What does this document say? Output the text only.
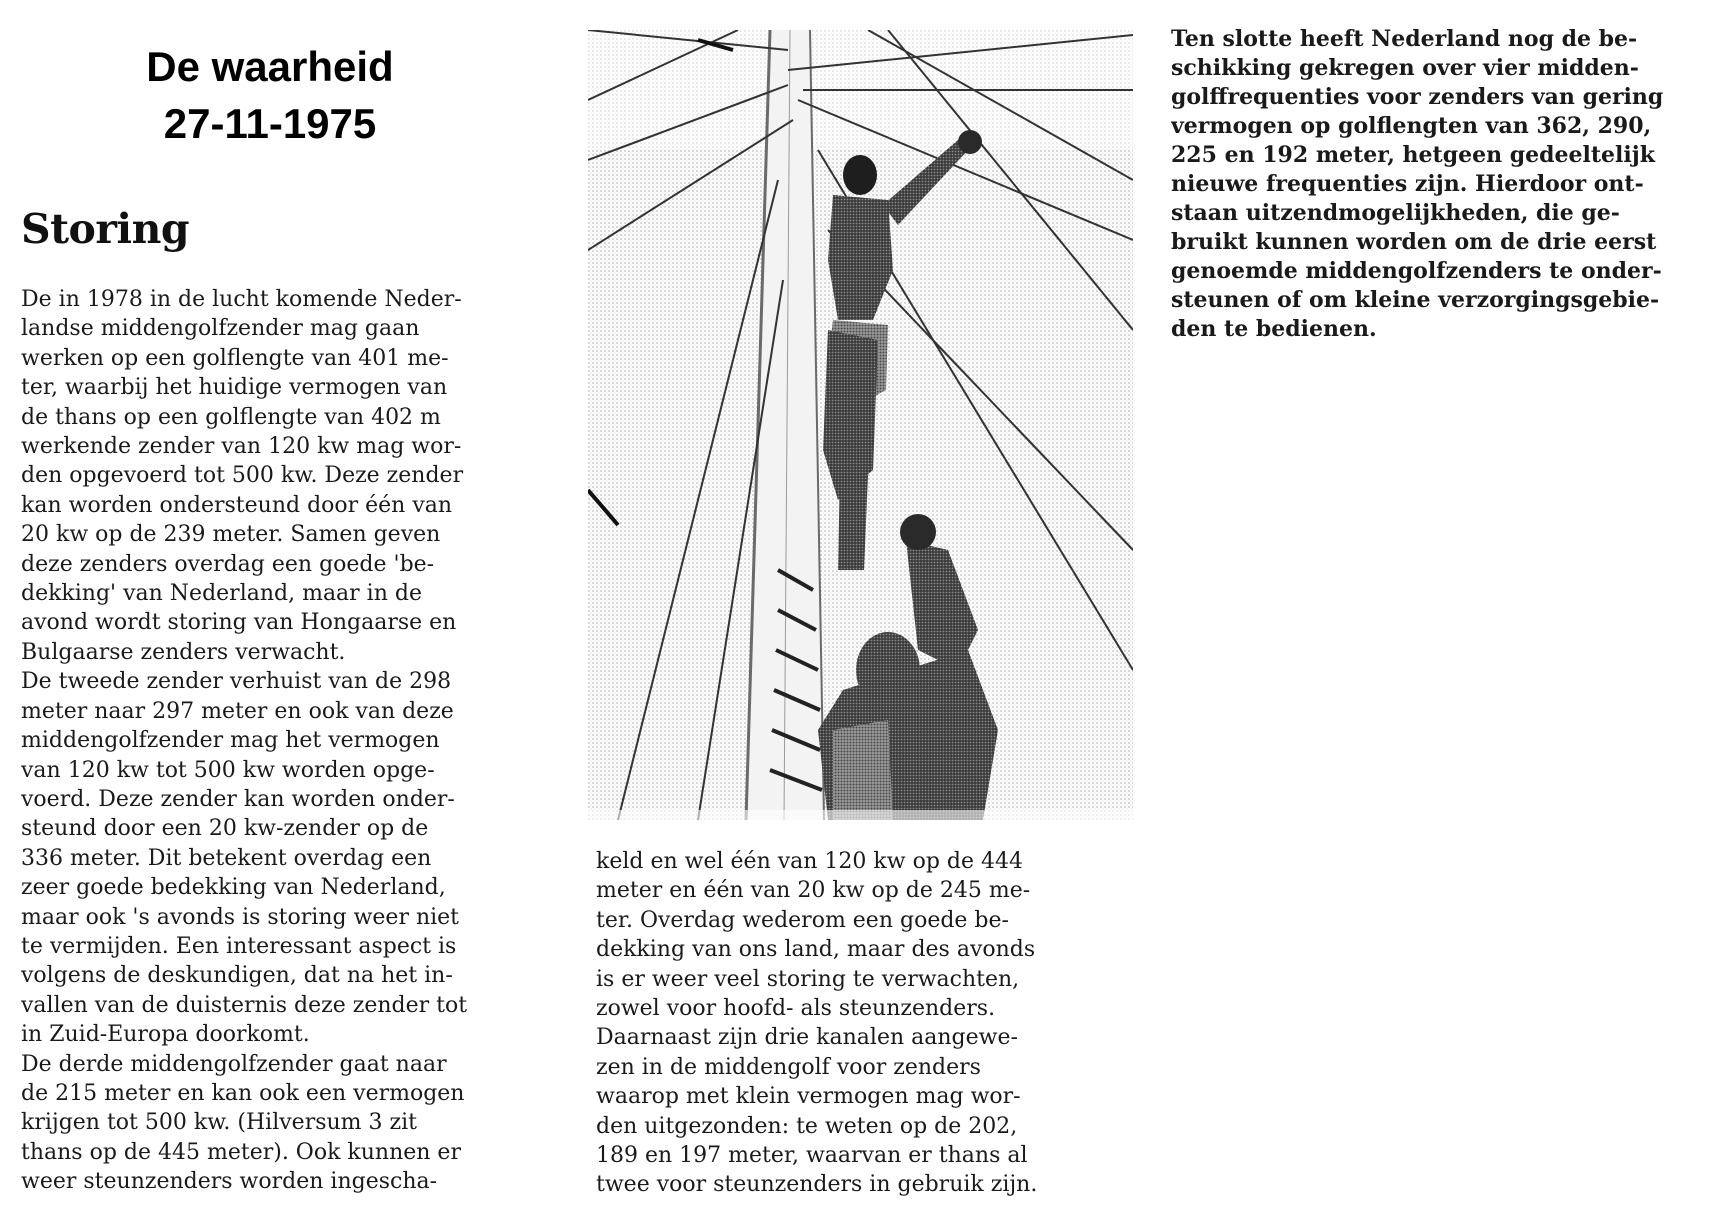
De waarheid
27-11-1975
Storing
De in 1978 in de lucht komende Neder-
landse middengolfzender mag gaan
werken op een golflengte van 401 me-
ter, waarbij het huidige vermogen van
de thans op een golflengte van 402 m
werkende zender van 120 kw mag wor-
den opgevoerd tot 500 kw. Deze zender
kan worden ondersteund door één van
20 kw op de 239 meter. Samen geven
deze zenders overdag een goede 'be-
dekking' van Nederland, maar in de
avond wordt storing van Hongaarse en
Bulgaarse zenders verwacht.
De tweede zender verhuist van de 298
meter naar 297 meter en ook van deze
middengolfzender mag het vermogen
van 120 kw tot 500 kw worden opge-
voerd. Deze zender kan worden onder-
steund door een 20 kw-zender op de
336 meter. Dit betekent overdag een
zeer goede bedekking van Nederland,
maar ook 's avonds is storing weer niet
te vermijden. Een interessant aspect is
volgens de deskundigen, dat na het in-
vallen van de duisternis deze zender tot
in Zuid-Europa doorkomt.
De derde middengolfzender gaat naar
de 215 meter en kan ook een vermogen
krijgen tot 500 kw. (Hilversum 3 zit
thans op de 445 meter). Ook kunnen er
weer steunzenders worden ingescha-
keld en wel één van 120 kw op de 444
meter en één van 20 kw op de 245 me-
ter. Overdag wederom een goede be-
dekking van ons land, maar des avonds
is er weer veel storing te verwachten,
zowel voor hoofd- als steunzenders.
Daarnaast zijn drie kanalen aangewe-
zen in de middengolf voor zenders
waarop met klein vermogen mag wor-
den uitgezonden: te weten op de 202,
189 en 197 meter, waarvan er thans al
twee voor steunzenders in gebruik zijn.
Ten slotte heeft Nederland nog de be-
schikking gekregen over vier midden-
golffrequenties voor zenders van gering
vermogen op golflengten van 362, 290,
225 en 192 meter, hetgeen gedeeltelijk
nieuwe frequenties zijn. Hierdoor ont-
staan uitzendmogelijkheden, die ge-
bruikt kunnen worden om de drie eerst
genoemde middengolfzenders te onder-
steunen of om kleine verzorgingsgebie-
den te bedienen.
